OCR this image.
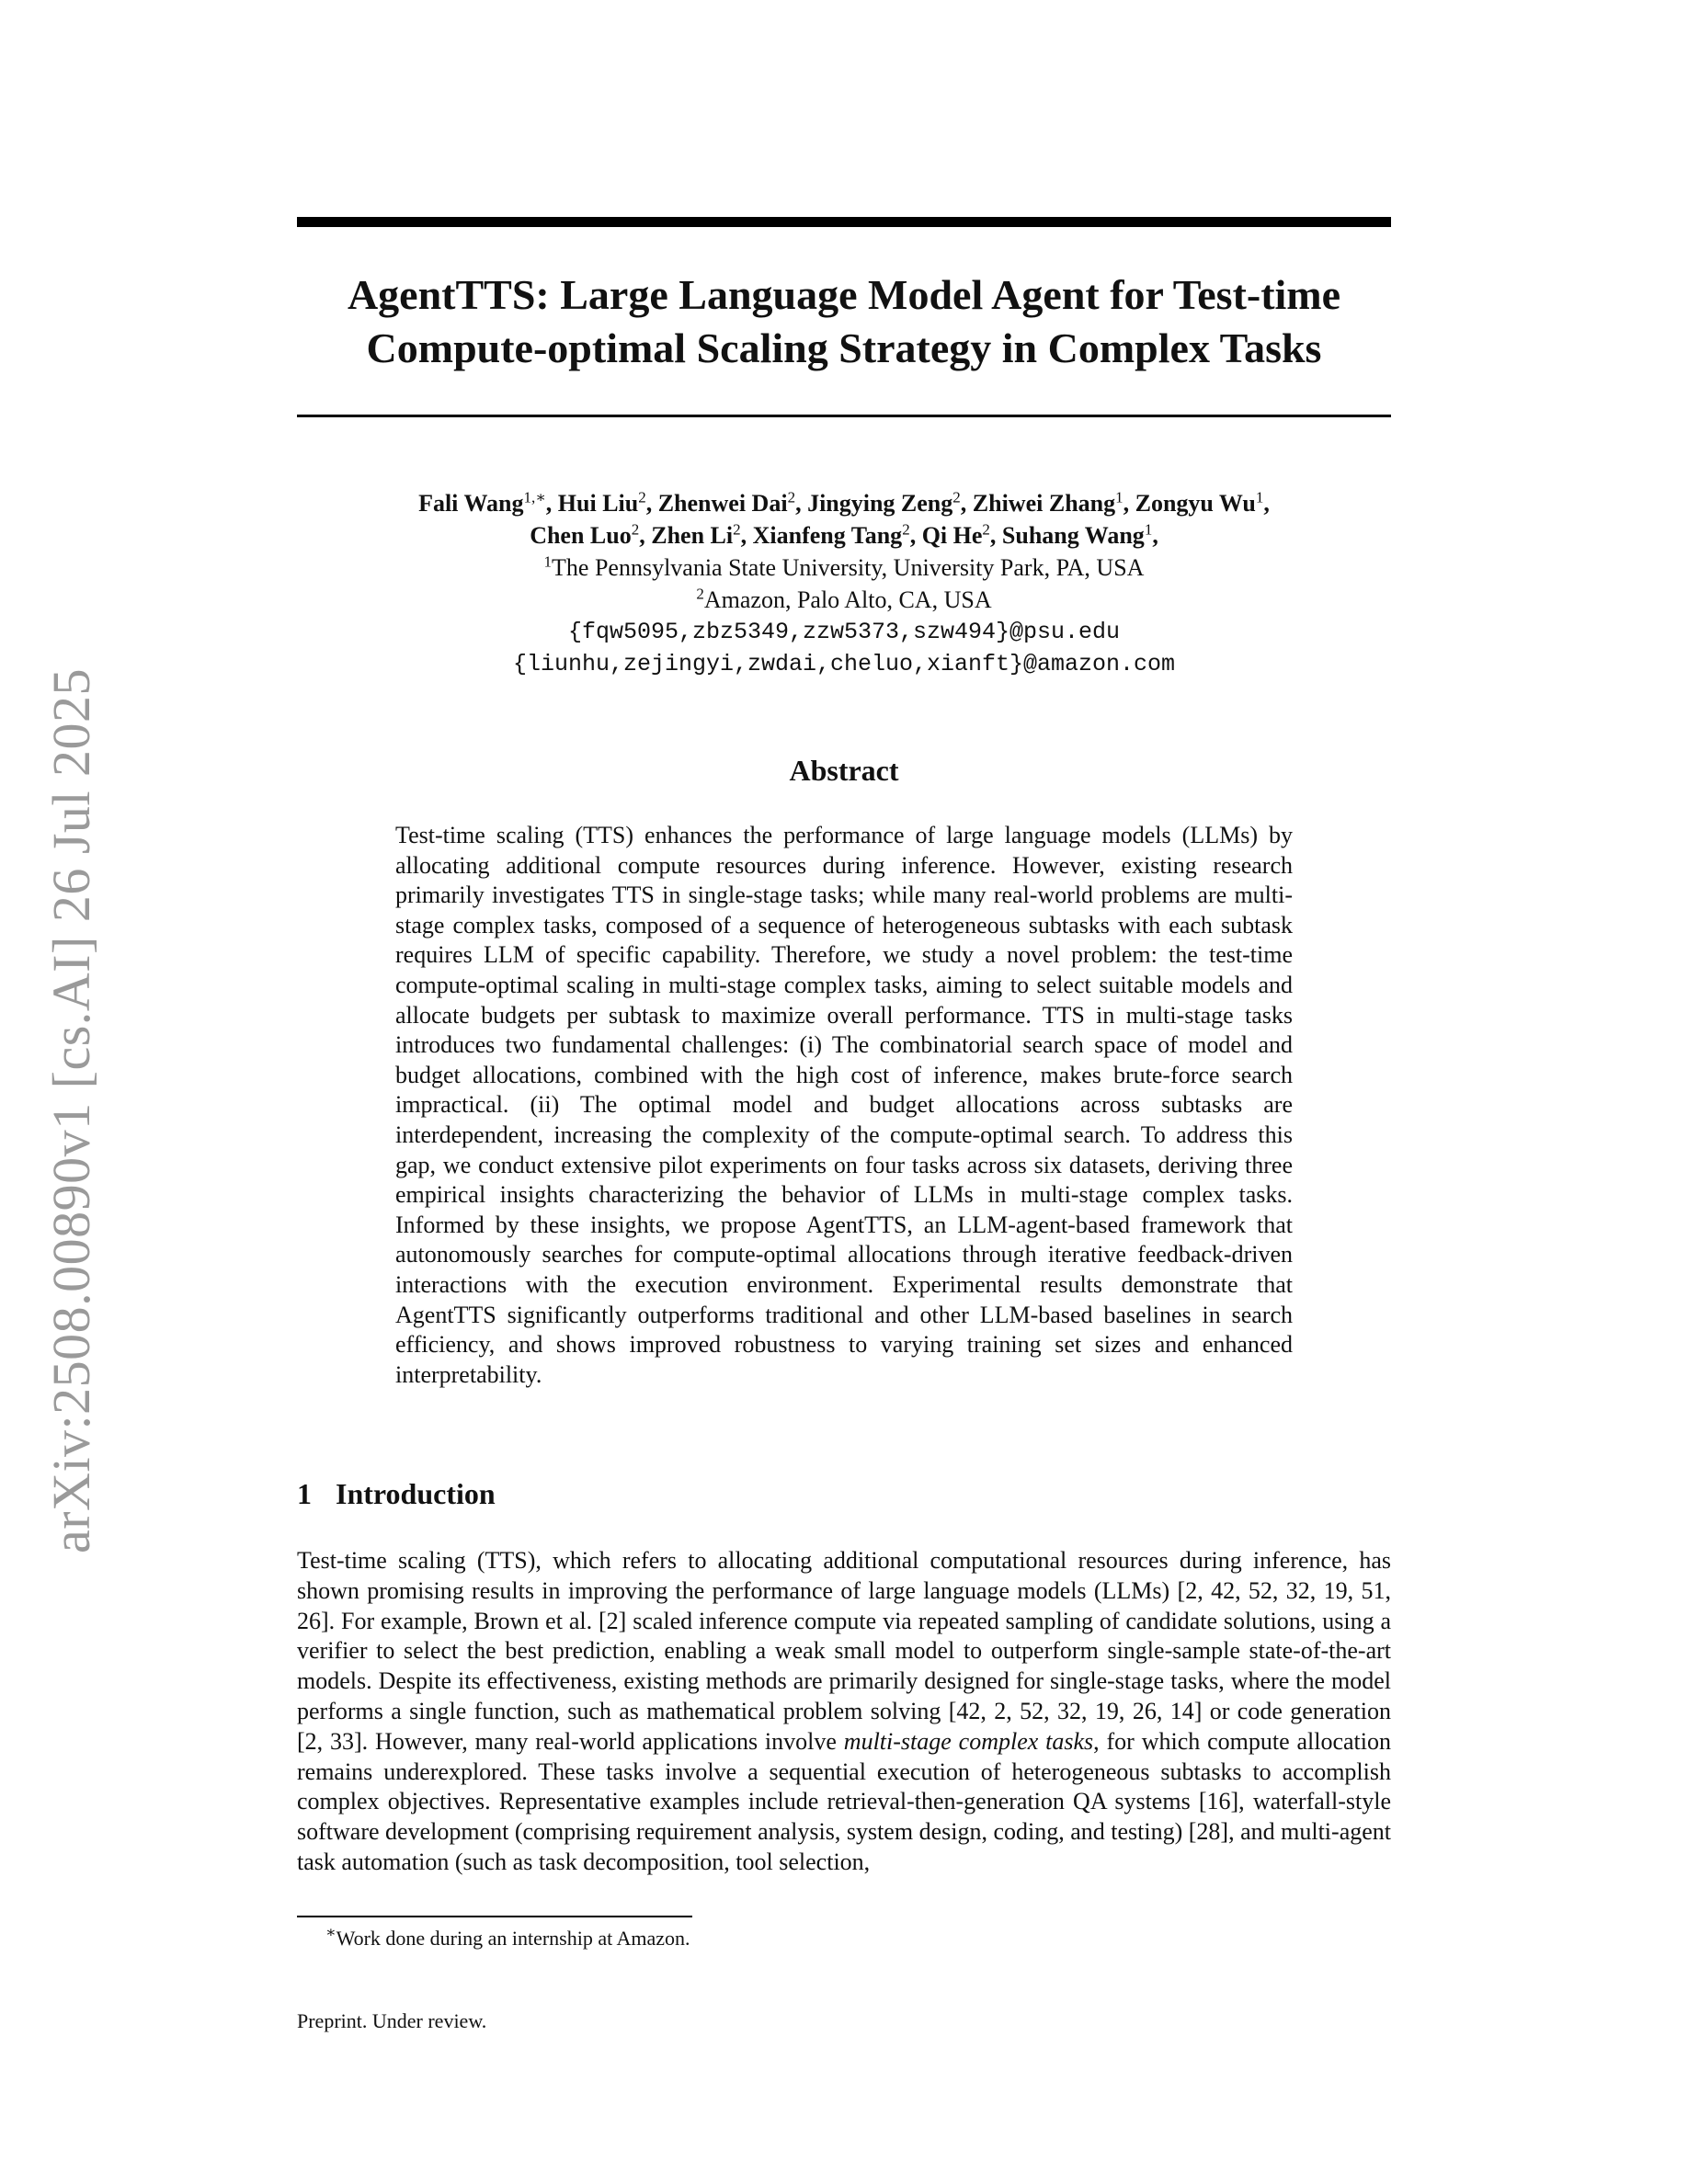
arXiv:2508.00890v1 [cs.AI] 26 Jul 2025
AgentTTS: Large Language Model Agent for Test-time
Compute-optimal Scaling Strategy in Complex Tasks
Fali Wang$^{1,∗}$, Hui Liu$^2$, Zhenwei Dai$^2$, Jingying Zeng$^2$, Zhiwei Zhang$^1$, Zongyu Wu$^1$,
Chen Luo$^2$, Zhen Li$^2$, Xianfeng Tang$^2$, Qi He$^2$, Suhang Wang$^1$,
$^1$The Pennsylvania State University, University Park, PA, USA
$^2$Amazon, Palo Alto, CA, USA
{fqw5095,zbz5349,zzw5373,szw494}@psu.edu
{liunhu,zejingyi,zwdai,cheluo,xianft}@amazon.com
Abstract
Test-time scaling (TTS) enhances the performance of large language models (LLMs) by allocating additional compute resources during inference. However, existing research primarily investigates TTS in single-stage tasks; while many real-world problems are multi-stage complex tasks, composed of a sequence of heterogeneous subtasks with each subtask requires LLM of specific capability. Therefore, we study a novel problem: the test-time compute-optimal scaling in multi-stage complex tasks, aiming to select suitable models and allocate budgets per subtask to maximize overall performance. TTS in multi-stage tasks introduces two fundamental challenges: (i) The combinatorial search space of model and budget allocations, combined with the high cost of inference, makes brute-force search impractical. (ii) The optimal model and budget allocations across subtasks are interdependent, increasing the complexity of the compute-optimal search. To address this gap, we conduct extensive pilot experiments on four tasks across six datasets, deriving three empirical insights characterizing the behavior of LLMs in multi-stage complex tasks. Informed by these insights, we propose AgentTTS, an LLM-agent-based framework that autonomously searches for compute-optimal allocations through iterative feedback-driven interactions with the execution environment. Experimental results demonstrate that AgentTTS significantly outperforms traditional and other LLM-based baselines in search efficiency, and shows improved robustness to varying training set sizes and enhanced interpretability.
1 Introduction
Test-time scaling (TTS), which refers to allocating additional computational resources during inference, has shown promising results in improving the performance of large language models (LLMs) [2, 42, 52, 32, 19, 51, 26]. For example, Brown et al. [2] scaled inference compute via repeated sampling of candidate solutions, using a verifier to select the best prediction, enabling a weak small model to outperform single-sample state-of-the-art models. Despite its effectiveness, existing methods are primarily designed for single-stage tasks, where the model performs a single function, such as mathematical problem solving [42, 2, 52, 32, 19, 26, 14] or code generation [2, 33]. However, many real-world applications involve multi-stage complex tasks, for which compute allocation remains underexplored. These tasks involve a sequential execution of heterogeneous subtasks to accomplish complex objectives. Representative examples include retrieval-then-generation QA systems [16], waterfall-style software development (comprising requirement analysis, system design, coding, and testing) [28], and multi-agent task automation (such as task decomposition, tool selection,
∗Work done during an internship at Amazon.
Preprint. Under review.
